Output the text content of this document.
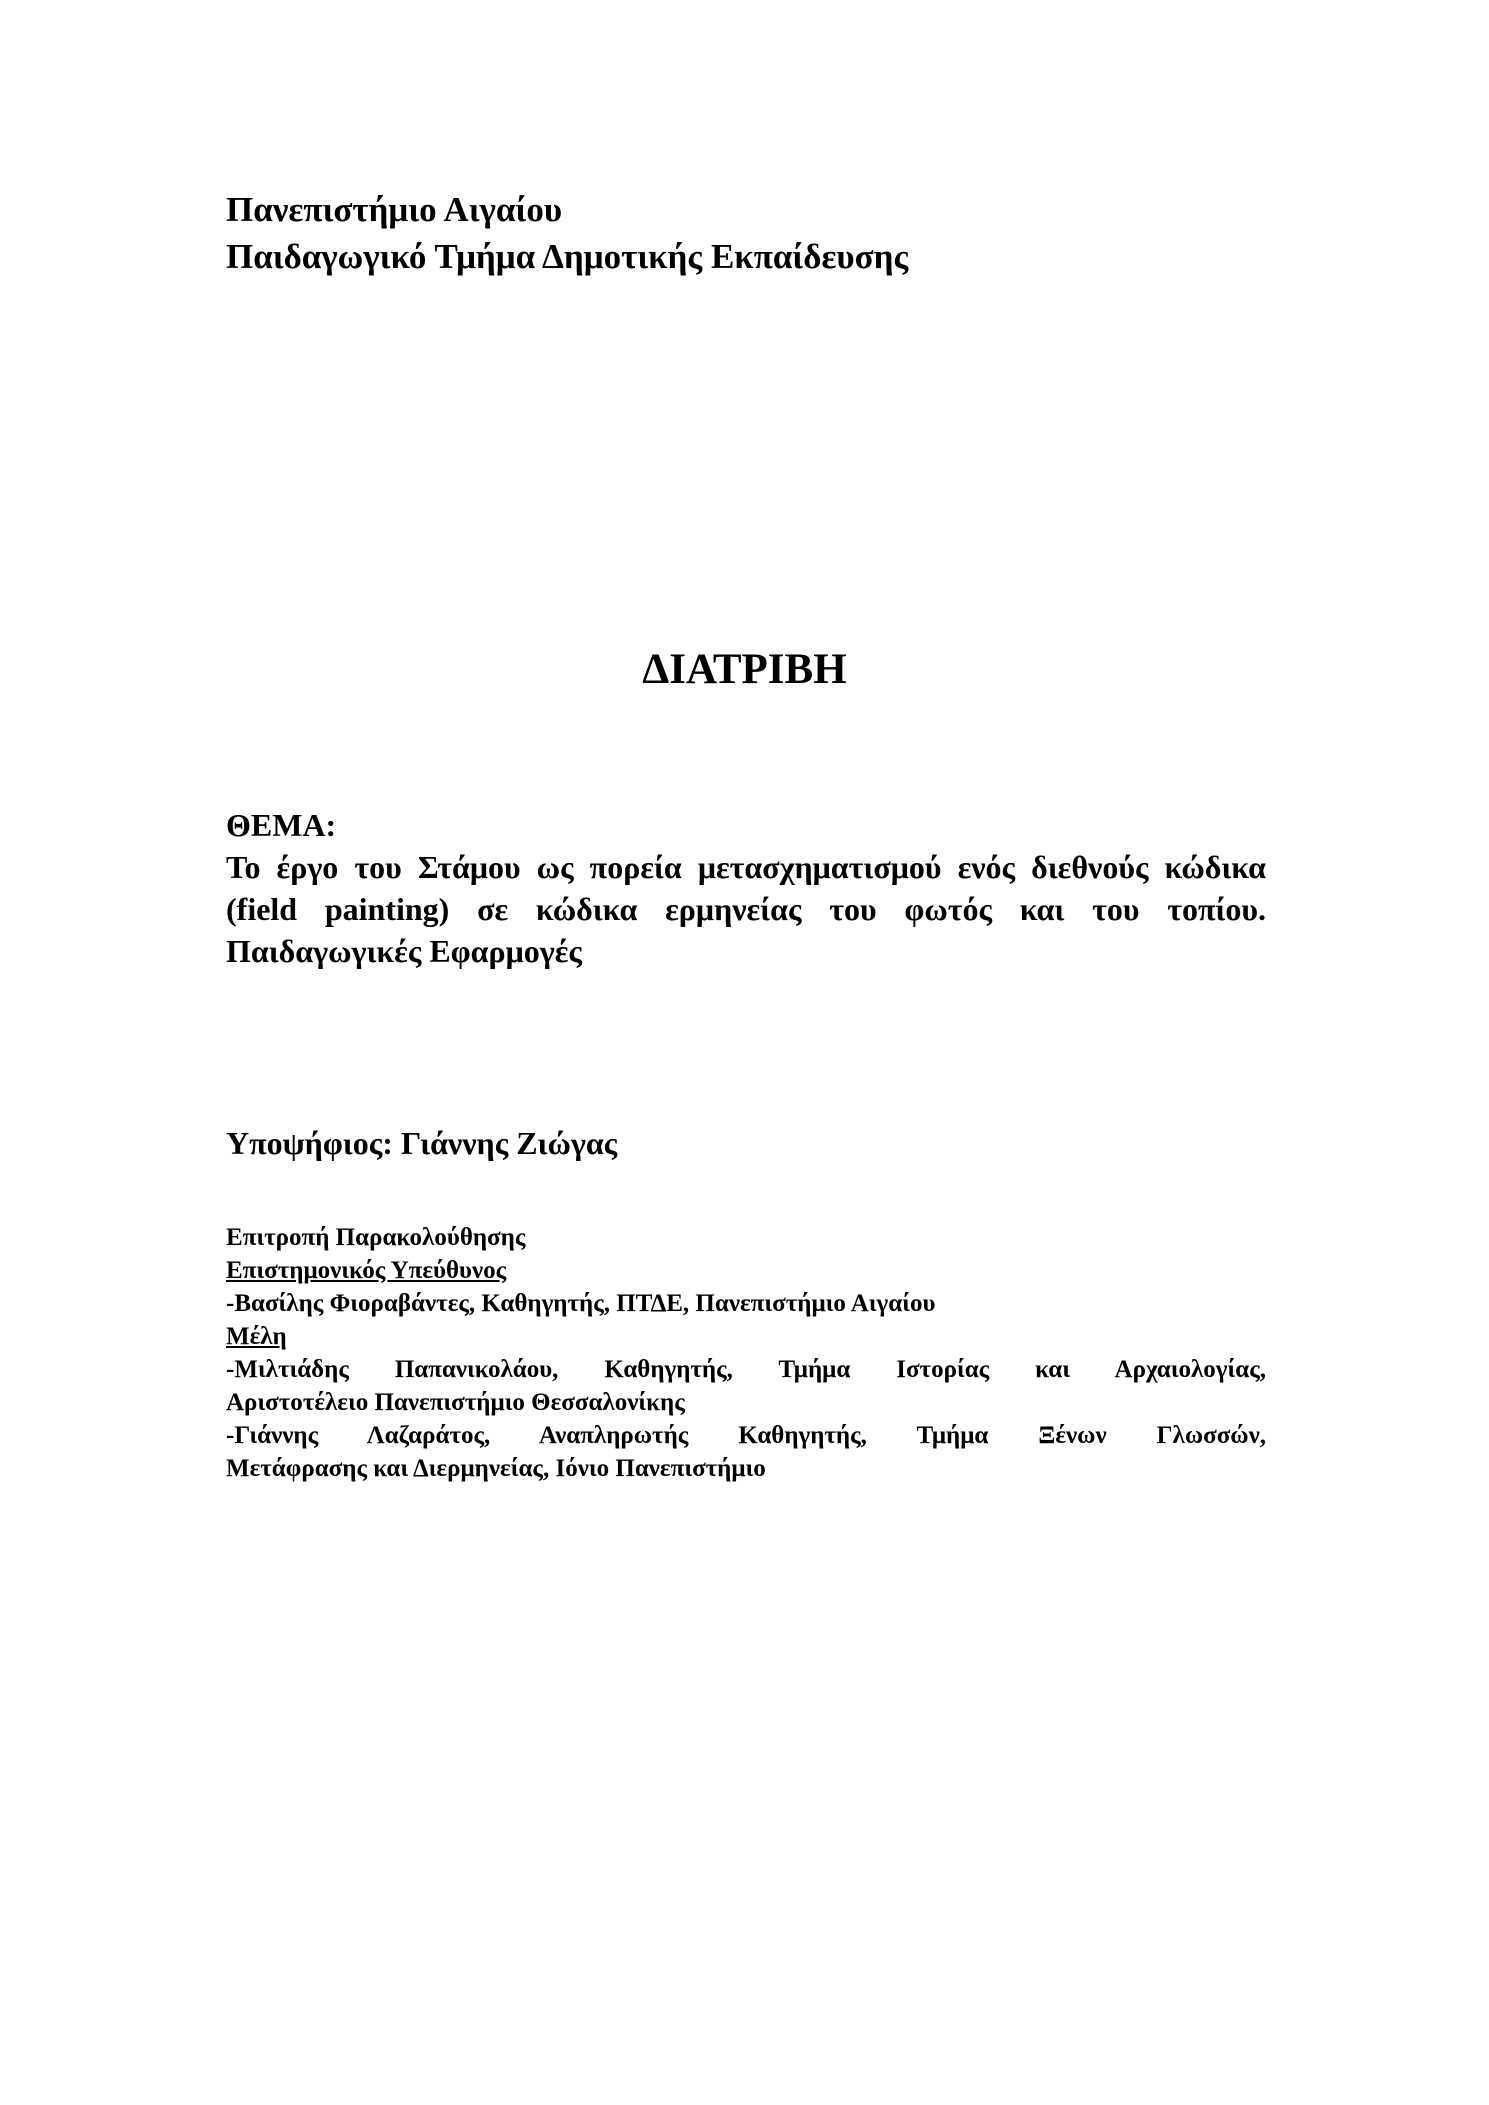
Πανεπιστήμιο Αιγαίου
Παιδαγωγικό Τμήμα Δημοτικής Εκπαίδευσης
ΔΙΑΤΡΙΒΗ
ΘΕΜΑ:
Το έργο του Στάμου ως πορεία μετασχηματισμού ενός διεθνούς κώδικα (field painting) σε κώδικα ερμηνείας του φωτός και του τοπίου. Παιδαγωγικές Εφαρμογές
Υποψήφιος: Γιάννης Ζιώγας
Επιτροπή Παρακολούθησης
Επιστημονικός Υπεύθυνος
-Βασίλης Φιοραβάντες, Καθηγητής, ΠΤΔΕ, Πανεπιστήμιο Αιγαίου
Μέλη
-Μιλτιάδης Παπανικολάου, Καθηγητής, Τμήμα Ιστορίας και Αρχαιολογίας,
Αριστοτέλειο Πανεπιστήμιο Θεσσαλονίκης
-Γιάννης Λαζαράτος, Αναπληρωτής Καθηγητής, Τμήμα Ξένων Γλωσσών,
Μετάφρασης και Διερμηνείας, Ιόνιο Πανεπιστήμιο
